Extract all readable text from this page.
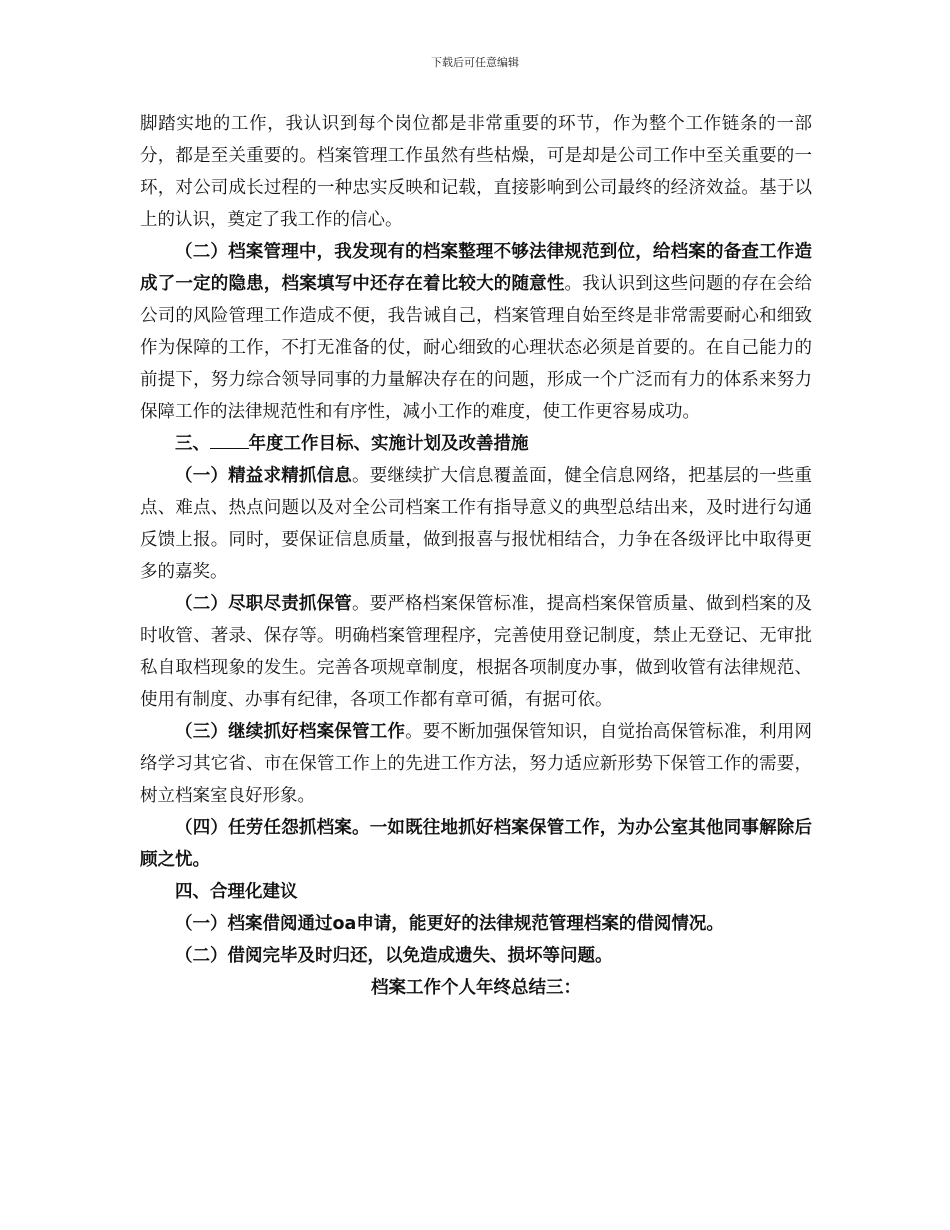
下载后可任意编辑

脚踏实地的工作，我认识到每个岗位都是非常重要的环节，作为整个工作链条的一部分，都是至关重要的。档案管理工作虽然有些枯燥，可是却是公司工作中至关重要的一环，对公司成长过程的一种忠实反映和记载，直接影响到公司最终的经济效益。基于以上的认识，奠定了我工作的信心。

（二）档案管理中，我发现有的档案整理不够法律规范到位，给档案的备查工作造成了一定的隐患，档案填写中还存在着比较大的随意性。我认识到这些问题的存在会给公司的风险管理工作造成不便，我告诫自己，档案管理自始至终是非常需要耐心和细致作为保障的工作，不打无准备的仗，耐心细致的心理状态必须是首要的。在自己能力的前提下，努力综合领导同事的力量解决存在的问题，形成一个广泛而有力的体系来努力保障工作的法律规范性和有序性，减小工作的难度，使工作更容易成功。

三、 年度工作目标、实施计划及改善措施

（一）精益求精抓信息。要继续扩大信息覆盖面，健全信息网络，把基层的一些重点、难点、热点问题以及对全公司档案工作有指导意义的典型总结出来，及时进行勾通反馈上报。同时，要保证信息质量，做到报喜与报忧相结合，力争在各级评比中取得更多的嘉奖。

（二）尽职尽责抓保管。要严格档案保管标准，提高档案保管质量、做到档案的及时收管、著录、保存等。明确档案管理程序，完善使用登记制度，禁止无登记、无审批私自取档现象的发生。完善各项规章制度，根据各项制度办事，做到收管有法律规范、使用有制度、办事有纪律，各项工作都有章可循，有据可依。

（三）继续抓好档案保管工作。要不断加强保管知识，自觉抬高保管标准，利用网络学习其它省、市在保管工作上的先进工作方法，努力适应新形势下保管工作的需要，树立档案室良好形象。

（四）任劳任怨抓档案。一如既往地抓好档案保管工作，为办公室其他同事解除后顾之忧。

四、合理化建议

（一）档案借阅通过oa申请，能更好的法律规范管理档案的借阅情况。

（二）借阅完毕及时归还，以免造成遗失、损坏等问题。

档案工作个人年终总结三：
